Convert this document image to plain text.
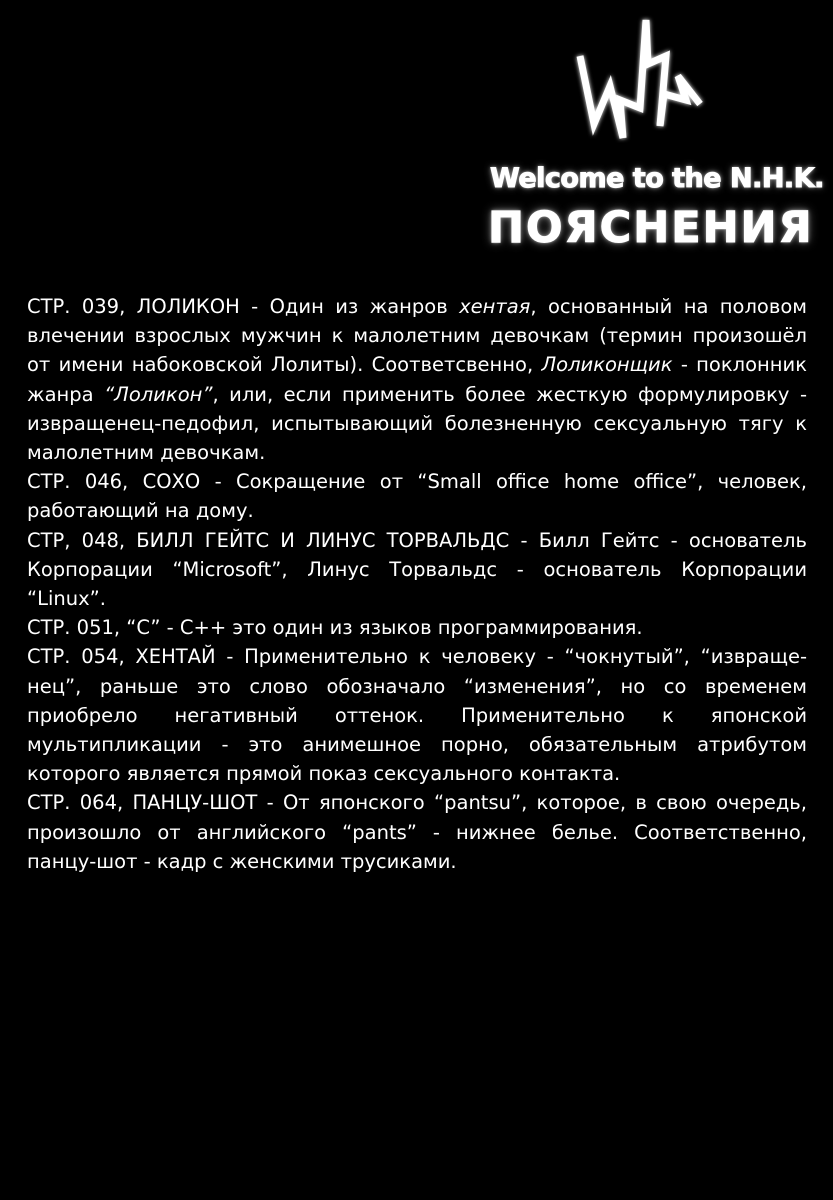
Welcome to the N.H.K.
ПОЯСНЕНИЯ

СТР. 039, ЛОЛИКОН - Один из жанров хентая, основанный на половом влечении взрослых мужчин к малолетним девочкам (термин произошёл от имени набоковской Лолиты). Соответсвенно, Лоликонщик - поклонник жанра “Лоликон”, или, если применить более жесткую формулировку - извращенец-педофил, испытывающий болезненную сексуальную тягу к малолетним девочкам.

СТР. 046, СОХО - Сокращение от “Small office home office”, человек, работающий на дому.

СТР, 048, БИЛЛ ГЕЙТС И ЛИНУС ТОРВАЛЬДС - Билл Гейтс - основатель Корпорации “Microsoft”, Линус Торвальдс - основатель Корпорации “Linux”.

СТР. 051, “C” - С++ это один из языков программирования.

СТР. 054, ХЕНТАЙ - Применительно к человеку - “чокнутый”, “извраще-нец”, раньше это слово обозначало “изменения”, но со временем приобрело негативный оттенок. Применительно к японской мультипликации - это анимешное порно, обязательным атрибутом которого является прямой показ сексуального контакта.

СТР. 064, ПАНЦУ-ШОТ - От японского “pantsu”, которое, в свою очередь, произошло от английского “pants” - нижнее белье. Соответственно, панцу-шот - кадр с женскими трусиками.
